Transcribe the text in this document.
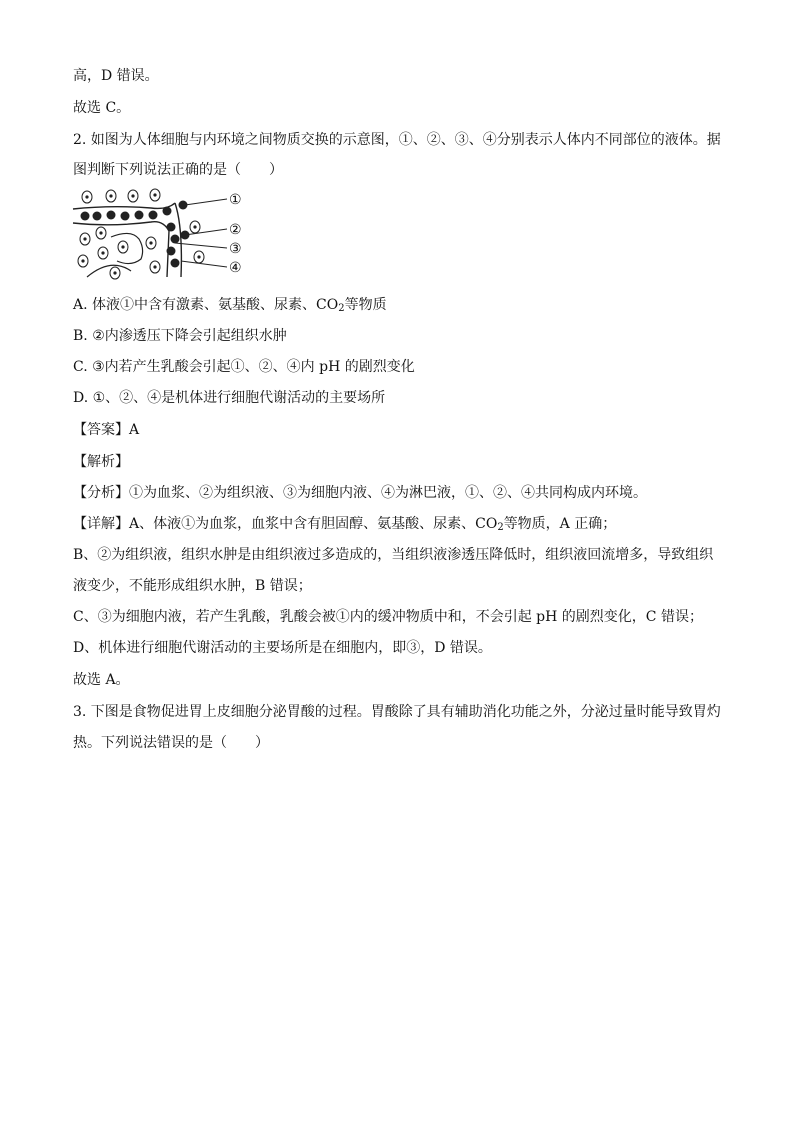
高，D 错误。
故选 C。
2. 如图为人体细胞与内环境之间物质交换的示意图，①、②、③、④分别表示人体内不同部位的液体。据
图判断下列说法正确的是（　　）
①
②
③
④
A. 体液①中含有激素、氨基酸、尿素、$CO_2$等物质
B. ②内渗透压下降会引起组织水肿
C. ③内若产生乳酸会引起①、②、④内 pH 的剧烈变化
D. ①、②、④是机体进行细胞代谢活动的主要场所
【答案】A
【解析】
【分析】①为血浆、②为组织液、③为细胞内液、④为淋巴液，①、②、④共同构成内环境。
【详解】A、体液①为血浆，血浆中含有胆固醇、氨基酸、尿素、$CO_2$等物质，A 正确；
B、②为组织液，组织水肿是由组织液过多造成的，当组织液渗透压降低时，组织液回流增多，导致组织
液变少，不能形成组织水肿，B 错误；
C、③为细胞内液，若产生乳酸，乳酸会被①内的缓冲物质中和，不会引起 pH 的剧烈变化，C 错误；
D、机体进行细胞代谢活动的主要场所是在细胞内，即③，D 错误。
故选 A。
3. 下图是食物促进胃上皮细胞分泌胃酸的过程。胃酸除了具有辅助消化功能之外，分泌过量时能导致胃灼
热。下列说法错误的是（　　）
